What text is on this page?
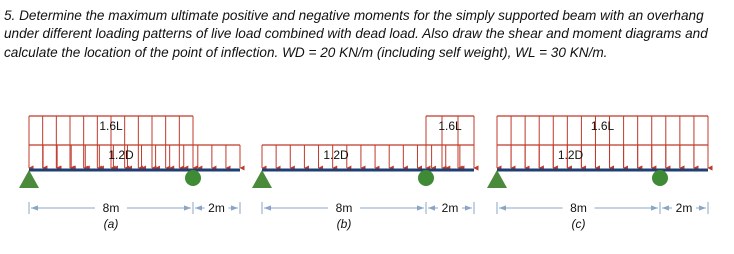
5. Determine the maximum ultimate positive and negative moments for the simply supported beam with an overhang under different loading patterns of live load combined with dead load. Also draw the shear and moment diagrams and calculate the location of the point of inflection. WD = 20 KN/m (including self weight), WL = 30 KN/m.

1.6L
1.2D
8m	2m
(a)
1.6L
1.2D
8m	2m
(b)
1.6L
1.2D
8m	2m
(c)
